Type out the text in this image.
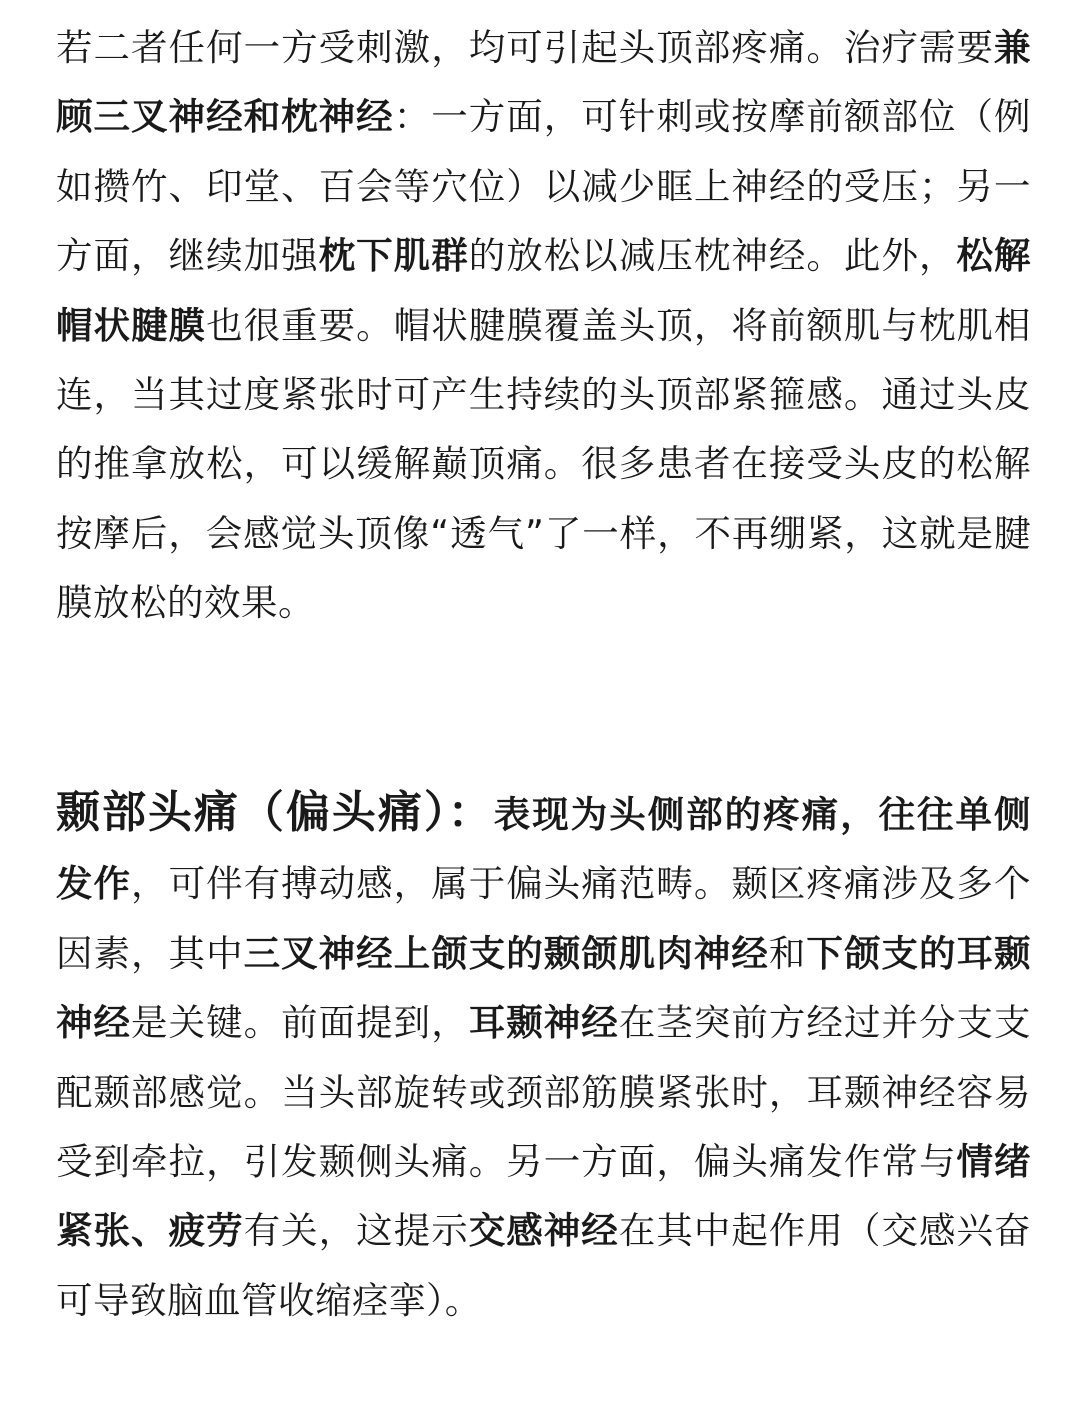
若二者任何一方受刺激，均可引起头顶部疼痛。治疗需要兼顾三叉神经和枕神经：一方面，可针刺或按摩前额部位（例如攒竹、印堂、百会等穴位）以减少眶上神经的受压；另一方面，继续加强枕下肌群的放松以减压枕神经。此外，松解帽状腱膜也很重要。帽状腱膜覆盖头顶，将前额肌与枕肌相连，当其过度紧张时可产生持续的头顶部紧箍感。通过头皮的推拿放松，可以缓解巅顶痛。很多患者在接受头皮的松解按摩后，会感觉头顶像“透气”了一样，不再绷紧，这就是腱膜放松的效果。

颞部头痛（偏头痛）：表现为头侧部的疼痛，往往单侧发作，可伴有搏动感，属于偏头痛范畴。颞区疼痛涉及多个因素，其中三叉神经上颌支的颞颌肌肉神经和下颌支的耳颞神经是关键。前面提到，耳颞神经在茎突前方经过并分支支配颞部感觉。当头部旋转或颈部筋膜紧张时，耳颞神经容易受到牵拉，引发颞侧头痛。另一方面，偏头痛发作常与情绪紧张、疲劳有关，这提示交感神经在其中起作用（交感兴奋可导致脑血管收缩痉挛）。
